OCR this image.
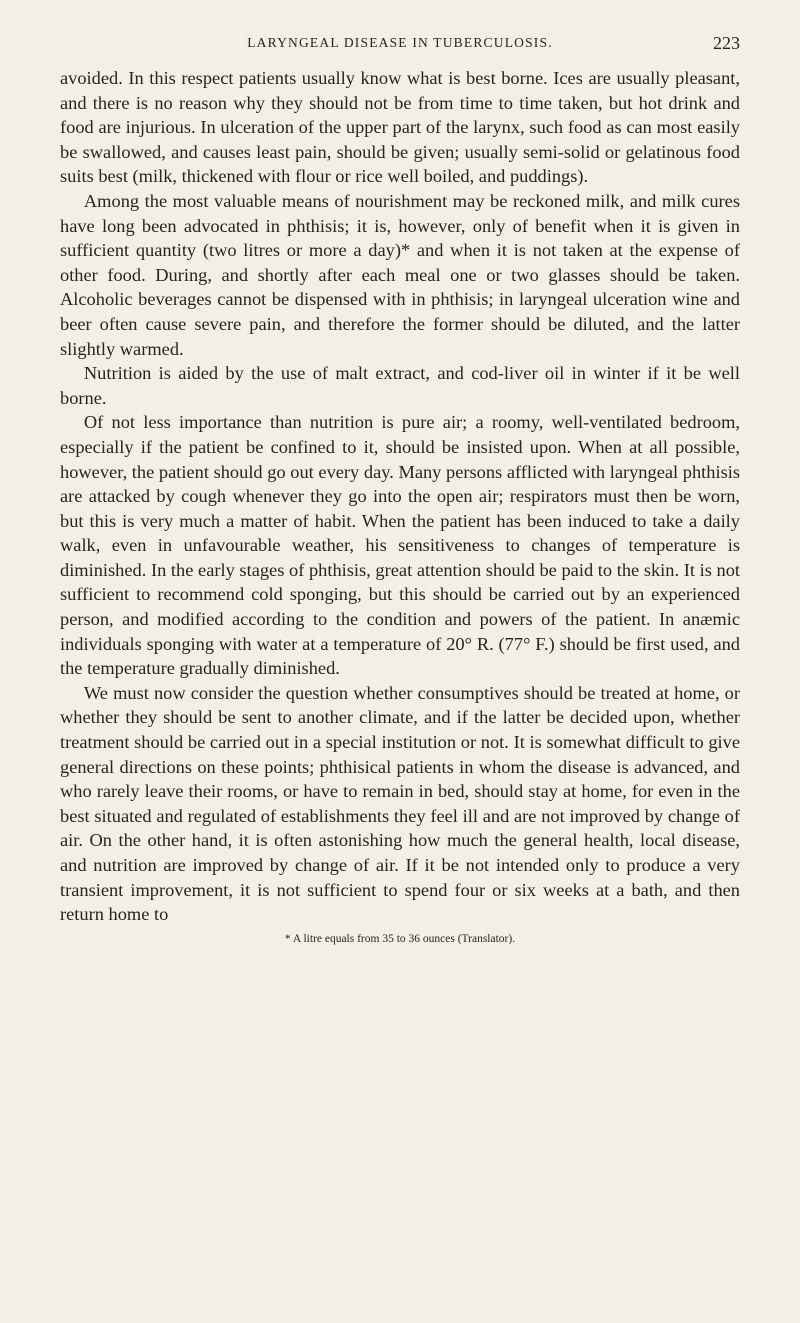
LARYNGEAL DISEASE IN TUBERCULOSIS.	223

avoided. In this respect patients usually know what is best borne. Ices are usually pleasant, and there is no reason why they should not be from time to time taken, but hot drink and food are injurious. In ulceration of the upper part of the larynx, such food as can most easily be swallowed, and causes least pain, should be given; usually semi-solid or gelatinous food suits best (milk, thickened with flour or rice well boiled, and puddings).

Among the most valuable means of nourishment may be reckoned milk, and milk cures have long been advocated in phthisis; it is, however, only of benefit when it is given in sufficient quantity (two litres or more a day)* and when it is not taken at the expense of other food. During, and shortly after each meal one or two glasses should be taken. Alcoholic beverages cannot be dispensed with in phthisis; in laryngeal ulceration wine and beer often cause severe pain, and therefore the former should be diluted, and the latter slightly warmed.

Nutrition is aided by the use of malt extract, and cod-liver oil in winter if it be well borne.

Of not less importance than nutrition is pure air; a roomy, well-ventilated bedroom, especially if the patient be confined to it, should be insisted upon. When at all possible, however, the patient should go out every day. Many persons afflicted with laryngeal phthisis are attacked by cough whenever they go into the open air; respirators must then be worn, but this is very much a matter of habit. When the patient has been induced to take a daily walk, even in unfavourable weather, his sensitiveness to changes of temperature is diminished. In the early stages of phthisis, great attention should be paid to the skin. It is not sufficient to recommend cold sponging, but this should be carried out by an experienced person, and modified according to the condition and powers of the patient. In anæmic individuals sponging with water at a temperature of 20° R. (77° F.) should be first used, and the temperature gradually diminished.

We must now consider the question whether consumptives should be treated at home, or whether they should be sent to another climate, and if the latter be decided upon, whether treatment should be carried out in a special institution or not. It is somewhat difficult to give general directions on these points; phthisical patients in whom the disease is advanced, and who rarely leave their rooms, or have to remain in bed, should stay at home, for even in the best situated and regulated of establishments they feel ill and are not improved by change of air. On the other hand, it is often astonishing how much the general health, local disease, and nutrition are improved by change of air. If it be not intended only to produce a very transient improvement, it is not sufficient to spend four or six weeks at a bath, and then return home to

* A litre equals from 35 to 36 ounces (Translator).
